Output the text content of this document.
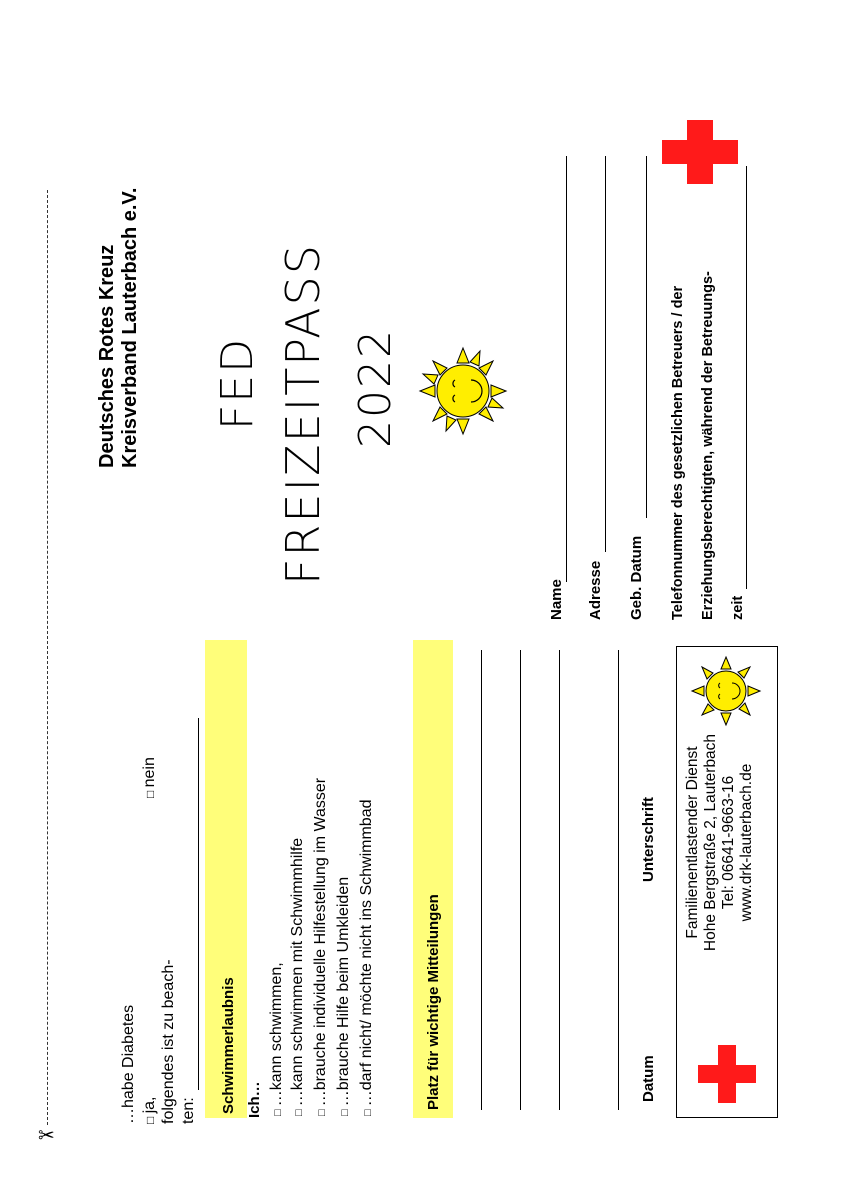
✂
…habe Diabetes □ ja,
□ nein
folgendes ist zu beach- ten: Schwimmerlaubnis Ich… □ …kann schwimmen,
□ …kann schwimmen mit Schwimmhilfe
□ …brauche individuelle Hilfestellung im Wasser
□ …brauche Hilfe beim Umkleiden
□ …darf nicht/ möchte nicht ins Schwimmbad	Platz für wichtige Mitteilungen	Datum
Unterschrift Familienentlastender Dienst Hohe Bergstraße 2, Lauterbach Tel: 06641-9663-16 www.drk-lauterbach.de
Deutsches Rotes Kreuz Kreisverband Lauterbach e.V. FED FREIZEITPASS 2022
Name Adresse Geb. Datum Telefonnummer des gesetzlichen Betreuers / der Erziehungsberechtigten, während der Betreuungs- zeit
